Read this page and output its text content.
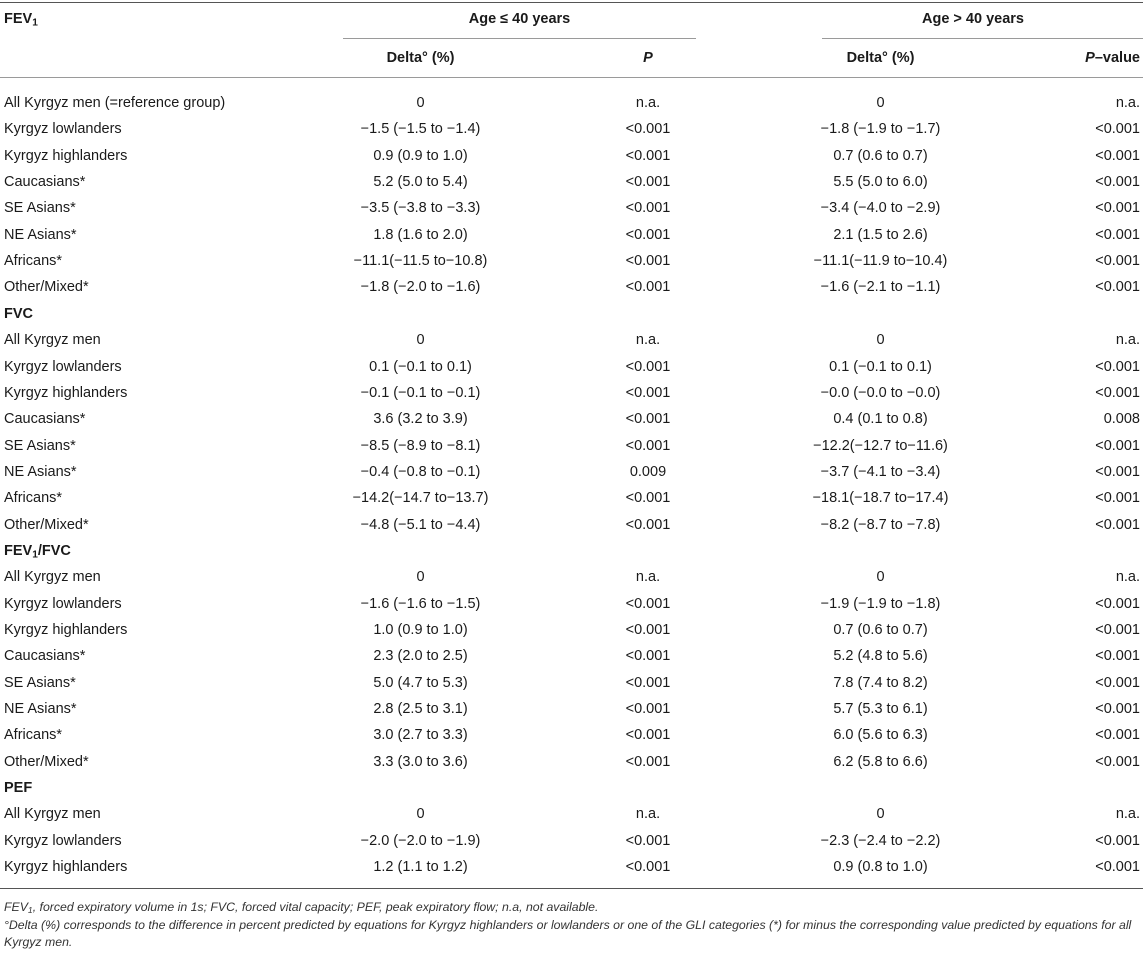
$FEV_1$	Age ≤ 40 years	Age > 40 years
Delta° (%)	P	Delta° (%)	P–value
All Kyrgyz men (=reference group)	0	n.a.	0	n.a.
Kyrgyz lowlanders	−1.5 (−1.5 to −1.4)	<0.001	−1.8 (−1.9 to −1.7)	<0.001
Kyrgyz highlanders	0.9 (0.9 to 1.0)	<0.001	0.7 (0.6 to 0.7)	<0.001
Caucasians*	5.2 (5.0 to 5.4)	<0.001	5.5 (5.0 to 6.0)	<0.001
SE Asians*	−3.5 (−3.8 to −3.3)	<0.001	−3.4 (−4.0 to −2.9)	<0.001
NE Asians*	1.8 (1.6 to 2.0)	<0.001	2.1 (1.5 to 2.6)	<0.001
Africans*	−11.1(−11.5 to−10.8)	<0.001	−11.1(−11.9 to−10.4)	<0.001
Other/Mixed*	−1.8 (−2.0 to −1.6)	<0.001	−1.6 (−2.1 to −1.1)	<0.001
FVC
All Kyrgyz men	0	n.a.	0	n.a.
Kyrgyz lowlanders	0.1 (−0.1 to 0.1)	<0.001	0.1 (−0.1 to 0.1)	<0.001
Kyrgyz highlanders	−0.1 (−0.1 to −0.1)	<0.001	−0.0 (−0.0 to −0.0)	<0.001
Caucasians*	3.6 (3.2 to 3.9)	<0.001	0.4 (0.1 to 0.8)	0.008
SE Asians*	−8.5 (−8.9 to −8.1)	<0.001	−12.2(−12.7 to−11.6)	<0.001
NE Asians*	−0.4 (−0.8 to −0.1)	0.009	−3.7 (−4.1 to −3.4)	<0.001
Africans*	−14.2(−14.7 to−13.7)	<0.001	−18.1(−18.7 to−17.4)	<0.001
Other/Mixed*	−4.8 (−5.1 to −4.4)	<0.001	−8.2 (−8.7 to −7.8)	<0.001
$FEV_1$/FVC
All Kyrgyz men	0	n.a.	0	n.a.
Kyrgyz lowlanders	−1.6 (−1.6 to −1.5)	<0.001	−1.9 (−1.9 to −1.8)	<0.001
Kyrgyz highlanders	1.0 (0.9 to 1.0)	<0.001	0.7 (0.6 to 0.7)	<0.001
Caucasians*	2.3 (2.0 to 2.5)	<0.001	5.2 (4.8 to 5.6)	<0.001
SE Asians*	5.0 (4.7 to 5.3)	<0.001	7.8 (7.4 to 8.2)	<0.001
NE Asians*	2.8 (2.5 to 3.1)	<0.001	5.7 (5.3 to 6.1)	<0.001
Africans*	3.0 (2.7 to 3.3)	<0.001	6.0 (5.6 to 6.3)	<0.001
Other/Mixed*	3.3 (3.0 to 3.6)	<0.001	6.2 (5.8 to 6.6)	<0.001
PEF
All Kyrgyz men	0	n.a.	0	n.a.
Kyrgyz lowlanders	−2.0 (−2.0 to −1.9)	<0.001	−2.3 (−2.4 to −2.2)	<0.001
Kyrgyz highlanders	1.2 (1.1 to 1.2)	<0.001	0.9 (0.8 to 1.0)	<0.001
$FEV_1$, forced expiratory volume in 1s; FVC, forced vital capacity; PEF, peak expiratory flow; n.a, not available.
°Delta (%) corresponds to the difference in percent predicted by equations for Kyrgyz highlanders or lowlanders or one of the GLI categories (*) for minus the corresponding value predicted by equations for all Kyrgyz men.
